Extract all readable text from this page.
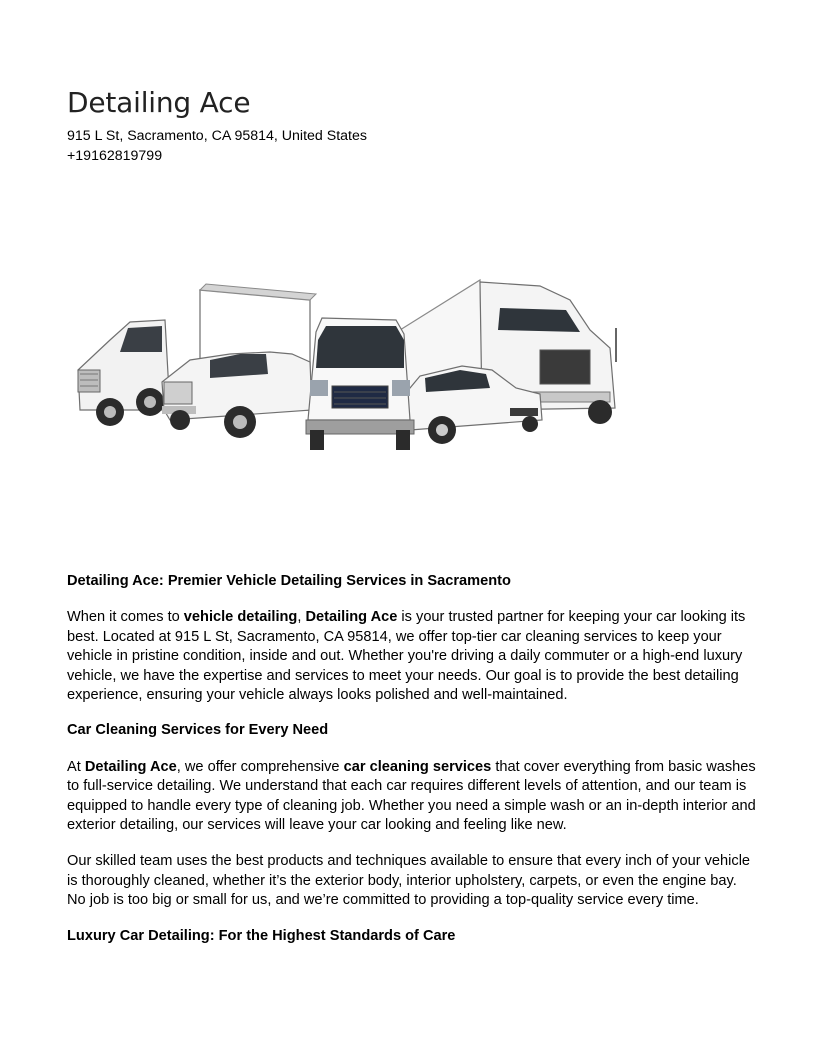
Detailing Ace

915 L St, Sacramento, CA 95814, United States

+19162819799

Detailing Ace: Premier Vehicle Detailing Services in Sacramento

When it comes to vehicle detailing, Detailing Ace is your trusted partner for keeping your car looking its best. Located at 915 L St, Sacramento, CA 95814, we offer top-tier car cleaning services to keep your vehicle in pristine condition, inside and out. Whether you're driving a daily commuter or a high-end luxury vehicle, we have the expertise and services to meet your needs. Our goal is to provide the best detailing experience, ensuring your vehicle always looks polished and well-maintained.

Car Cleaning Services for Every Need

At Detailing Ace, we offer comprehensive car cleaning services that cover everything from basic washes to full-service detailing. We understand that each car requires different levels of attention, and our team is equipped to handle every type of cleaning job. Whether you need a simple wash or an in-depth interior and exterior detailing, our services will leave your car looking and feeling like new.

Our skilled team uses the best products and techniques available to ensure that every inch of your vehicle is thoroughly cleaned, whether it’s the exterior body, interior upholstery, carpets, or even the engine bay. No job is too big or small for us, and we’re committed to providing a top-quality service every time.

Luxury Car Detailing: For the Highest Standards of Care
